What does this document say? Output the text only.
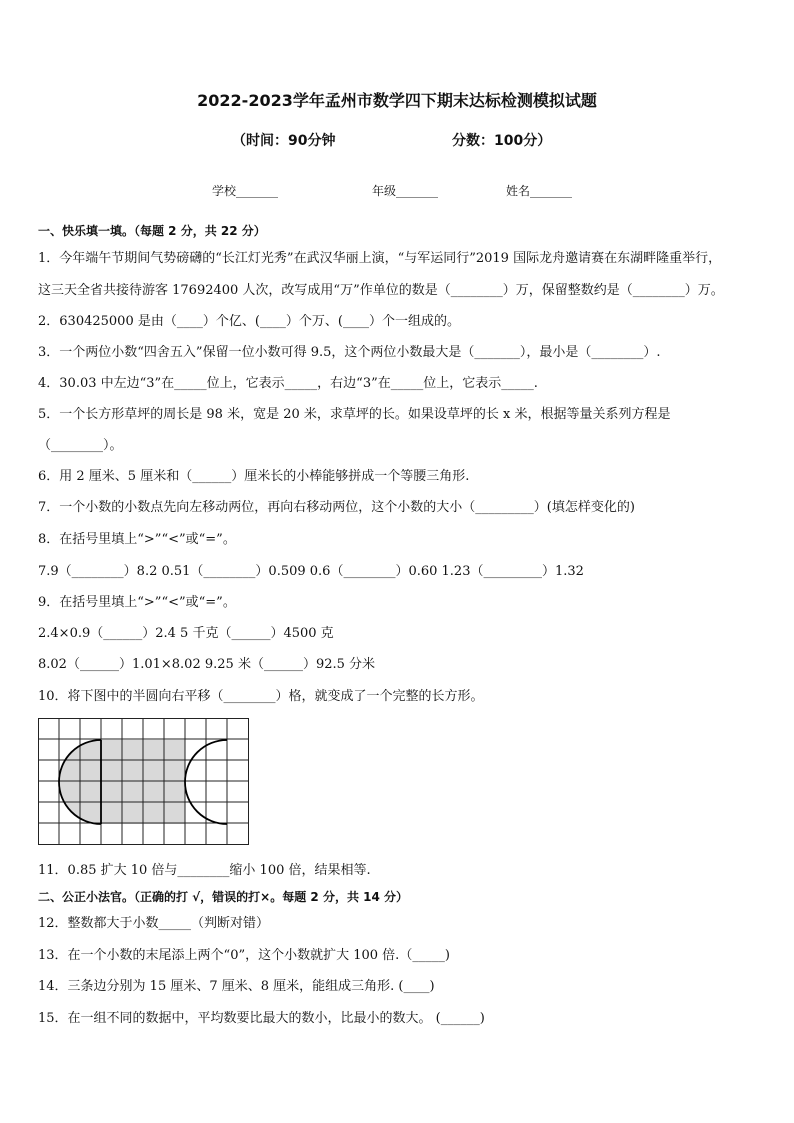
2022-2023学年孟州市数学四下期末达标检测模拟试题
（时间：90分钟	分数：100分）
学校_______	年级_______	姓名_______
一、快乐填一填。（每题 2 分，共 22 分）
1．今年端午节期间气势磅礴的“长江灯光秀”在武汉华丽上演，“与军运同行”2019 国际龙舟邀请赛在东湖畔隆重举行，
这三天全省共接待游客 17692400 人次，改写成用“万”作单位的数是（________）万，保留整数约是（________）万。
2．630425000 是由（____）个亿、(____）个万、(____）个一组成的。
3．一个两位小数“四舍五入”保留一位小数可得 9.5，这个两位小数最大是（_______），最小是（________）.
4．30.03 中左边“3”在_____位上，它表示_____，右边“3”在_____位上，它表示_____.
5．一个长方形草坪的周长是 98 米，宽是 20 米，求草坪的长。如果设草坪的长 x 米，根据等量关系列方程是
（________）。
6．用 2 厘米、5 厘米和（______）厘米长的小棒能够拼成一个等腰三角形.
7．一个小数的小数点先向左移动两位，再向右移动两位，这个小数的大小（_________）(填怎样变化的)
8．在括号里填上“>”“<”或“=”。
7.9（________）8.2 0.51（________）0.509 0.6（________）0.60 1.23（_________）1.32
9．在括号里填上“>”“<”或“=”。
2.4×0.9（______）2.4 5 千克（______）4500 克
8.02（______）1.01×8.02 9.25 米（______）92.5 分米
10．将下图中的半圆向右平移（________）格，就变成了一个完整的长方形。
11．0.85 扩大 10 倍与________缩小 100 倍，结果相等.
二、公正小法官。（正确的打 √，错误的打×。每题 2 分，共 14 分）
12．整数都大于小数_____（判断对错）
13．在一个小数的末尾添上两个“0”，这个小数就扩大 100 倍.（_____)
14．三条边分别为 15 厘米、7 厘米、8 厘米，能组成三角形. (____)
15．在一组不同的数据中，平均数要比最大的数小，比最小的数大。 (______)
